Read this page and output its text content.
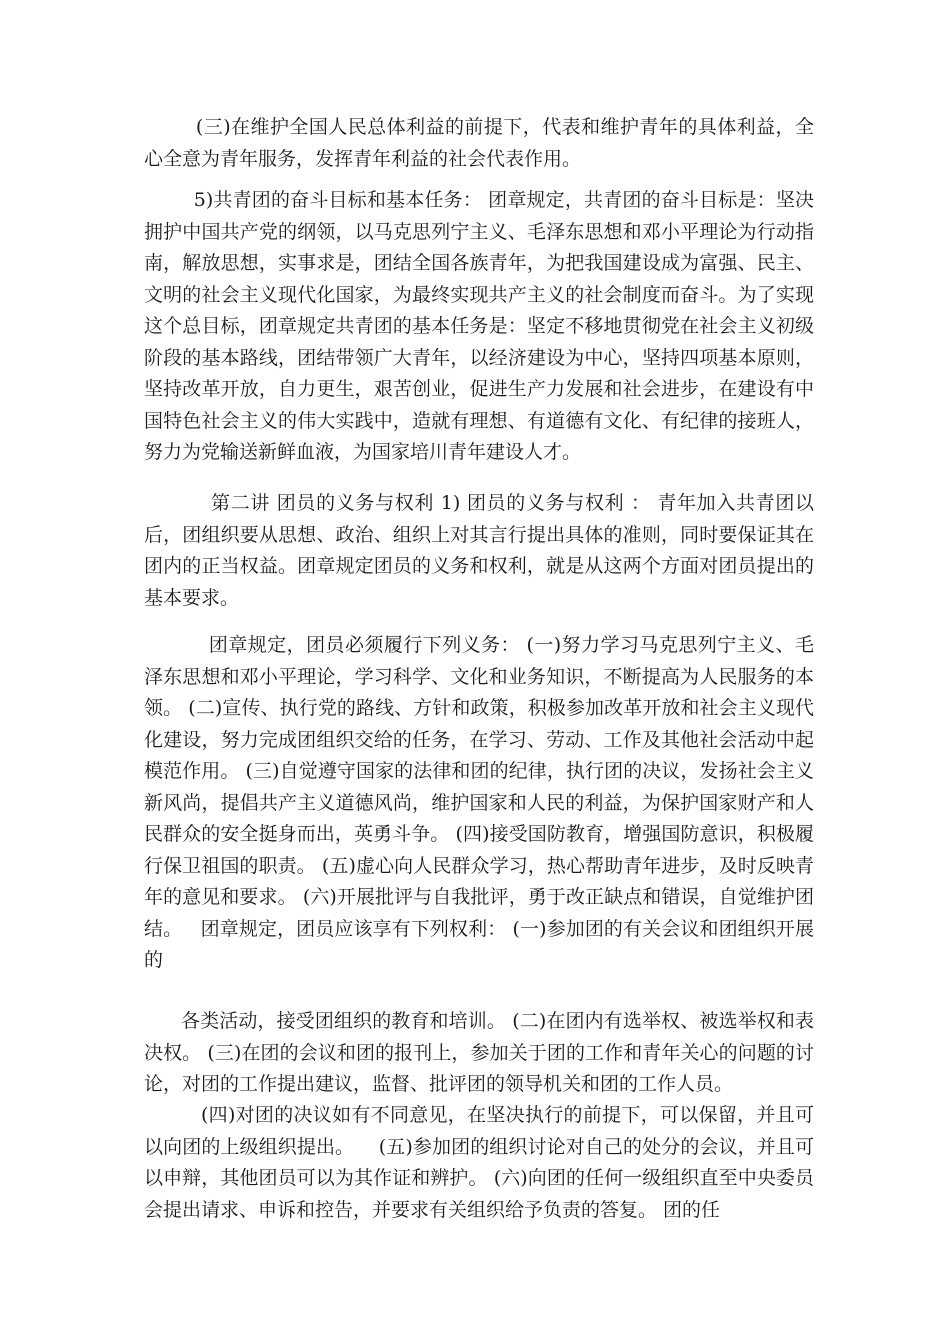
(三)在维护全国人民总体利益的前提下，代表和维护青年的具体利益，全心全意为青年服务，发挥青年利益的社会代表作用。

5)共青团的奋斗目标和基本任务： 团章规定，共青团的奋斗目标是：坚决拥护中国共产党的纲领，以马克思列宁主义、毛泽东思想和邓小平理论为行动指南，解放思想，实事求是，团结全国各族青年，为把我国建设成为富强、民主、文明的社会主义现代化国家，为最终实现共产主义的社会制度而奋斗。为了实现这个总目标，团章规定共青团的基本任务是：坚定不移地贯彻党在社会主义初级阶段的基本路线，团结带领广大青年，以经济建设为中心，坚持四项基本原则，坚持改革开放，自力更生，艰苦创业，促进生产力发展和社会进步，在建设有中国特色社会主义的伟大实践中，造就有理想、有道德有文化、有纪律的接班人，努力为党输送新鲜血液，为国家培川青年建设人才。

第二讲 团员的义务与权利 1) 团员的义务与权利 ： 青年加入共青团以后，团组织要从思想、政治、组织上对其言行提出具体的准则，同时要保证其在团内的正当权益。团章规定团员的义务和权利，就是从这两个方面对团员提出的基本要求。

团章规定，团员必须履行下列义务： (一)努力学习马克思列宁主义、毛泽东思想和邓小平理论，学习科学、文化和业务知识，不断提高为人民服务的本领。 (二)宣传、执行党的路线、方针和政策，积极参加改革开放和社会主义现代化建设，努力完成团组织交给的任务，在学习、劳动、工作及其他社会活动中起模范作用。 (三)自觉遵守国家的法律和团的纪律，执行团的决议，发扬社会主义新风尚，提倡共产主义道德风尚，维护国家和人民的利益，为保护国家财产和人民群众的安全挺身而出，英勇斗争。 (四)接受国防教育，增强国防意识，积极履行保卫祖国的职责。 (五)虚心向人民群众学习，热心帮助青年进步，及时反映青年的意见和要求。 (六)开展批评与自我批评，勇于改正缺点和错误，自觉维护团结。   团章规定，团员应该享有下列权利： (一)参加团的有关会议和团组织开展的

各类活动，接受团组织的教育和培训。 (二)在团内有选举权、被选举权和表决权。 (三)在团的会议和团的报刊上，参加关于团的工作和青年关心的问题的讨论，对团的工作提出建议，监督、批评团的领导机关和团的工作人员。

(四)对团的决议如有不同意见，在坚决执行的前提下，可以保留，并且可以向团的上级组织提出。    (五)参加团的组织讨论对自己的处分的会议，并且可以申辩，其他团员可以为其作证和辨护。 (六)向团的任何一级组织直至中央委员会提出请求、申诉和控告，并要求有关组织给予负责的答复。 团的任
